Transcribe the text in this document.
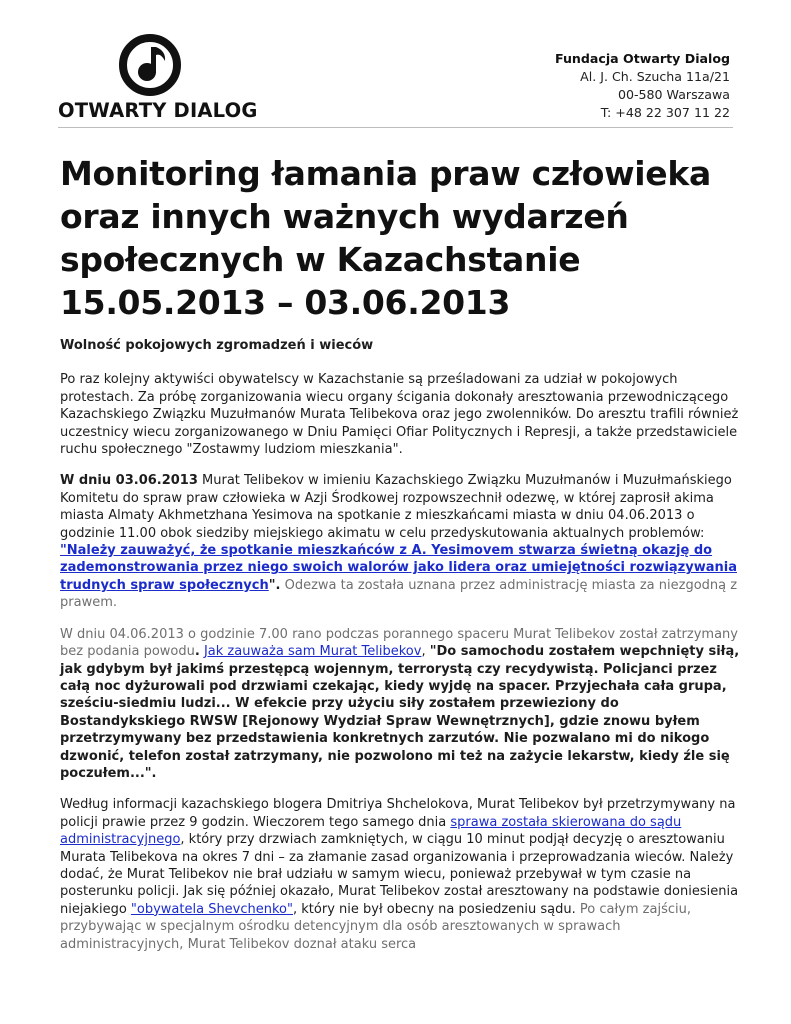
OTWARTY DIALOG
Fundacja Otwarty Dialog
Al. J. Ch. Szucha 11a/21
00-580 Warszawa
T: +48 22 307 11 22
Monitoring łamania praw człowieka
oraz innych ważnych wydarzeń
społecznych w Kazachstanie
15.05.2013 – 03.06.2013
Wolność pokojowych zgromadzeń i wieców

Po raz kolejny aktywiści obywatelscy w Kazachstanie są prześladowani za udział w pokojowych protestach. Za próbę zorganizowania wiecu organy ścigania dokonały aresztowania przewodniczącego Kazachskiego Związku Muzułmanów Murata Telibekova oraz jego zwolenników. Do aresztu trafili również uczestnicy wiecu zorganizowanego w Dniu Pamięci Ofiar Politycznych i Represji, a także przedstawiciele ruchu społecznego "Zostawmy ludziom mieszkania".

W dniu 03.06.2013 Murat Telibekov w imieniu Kazachskiego Związku Muzułmanów i Muzułmańskiego Komitetu do spraw praw człowieka w Azji Środkowej rozpowszechnił odezwę, w której zaprosił akima miasta Almaty Akhmetzhana Yesimova na spotkanie z mieszkańcami miasta w dniu 04.06.2013 o godzinie 11.00 obok siedziby miejskiego akimatu w celu przedyskutowania aktualnych problemów: "Należy zauważyć, że spotkanie mieszkańców z A. Yesimovem stwarza świetną okazję do zademonstrowania przez niego swoich walorów jako lidera oraz umiejętności rozwiązywania trudnych spraw społecznych". Odezwa ta została uznana przez administrację miasta za niezgodną z prawem.

W dniu 04.06.2013 o godzinie 7.00 rano podczas porannego spaceru Murat Telibekov został zatrzymany bez podania powodu. Jak zauważa sam Murat Telibekov, "Do samochodu zostałem wepchnięty siłą, jak gdybym był jakimś przestępcą wojennym, terrorystą czy recydywistą. Policjanci przez całą noc dyżurowali pod drzwiami czekając, kiedy wyjdę na spacer. Przyjechała cała grupa, sześciu-siedmiu ludzi... W efekcie przy użyciu siły zostałem przewieziony do Bostandykskiego RWSW [Rejonowy Wydział Spraw Wewnętrznych], gdzie znowu byłem przetrzymywany bez przedstawienia konkretnych zarzutów. Nie pozwalano mi do nikogo dzwonić, telefon został zatrzymany, nie pozwolono mi też na zażycie lekarstw, kiedy źle się poczułem...".

Według informacji kazachskiego blogera Dmitriya Shchelokova, Murat Telibekov był przetrzymywany na policji prawie przez 9 godzin. Wieczorem tego samego dnia sprawa została skierowana do sądu administracyjnego, który przy drzwiach zamkniętych, w ciągu 10 minut podjął decyzję o aresztowaniu Murata Telibekova na okres 7 dni – za złamanie zasad organizowania i przeprowadzania wieców. Należy dodać, że Murat Telibekov nie brał udziału w samym wiecu, ponieważ przebywał w tym czasie na posterunku policji. Jak się później okazało, Murat Telibekov został aresztowany na podstawie doniesienia niejakiego "obywatela Shevchenko", który nie był obecny na posiedzeniu sądu. Po całym zajściu, przybywając w specjalnym ośrodku detencyjnym dla osób aresztowanych w sprawach administracyjnych, Murat Telibekov doznał ataku serca
